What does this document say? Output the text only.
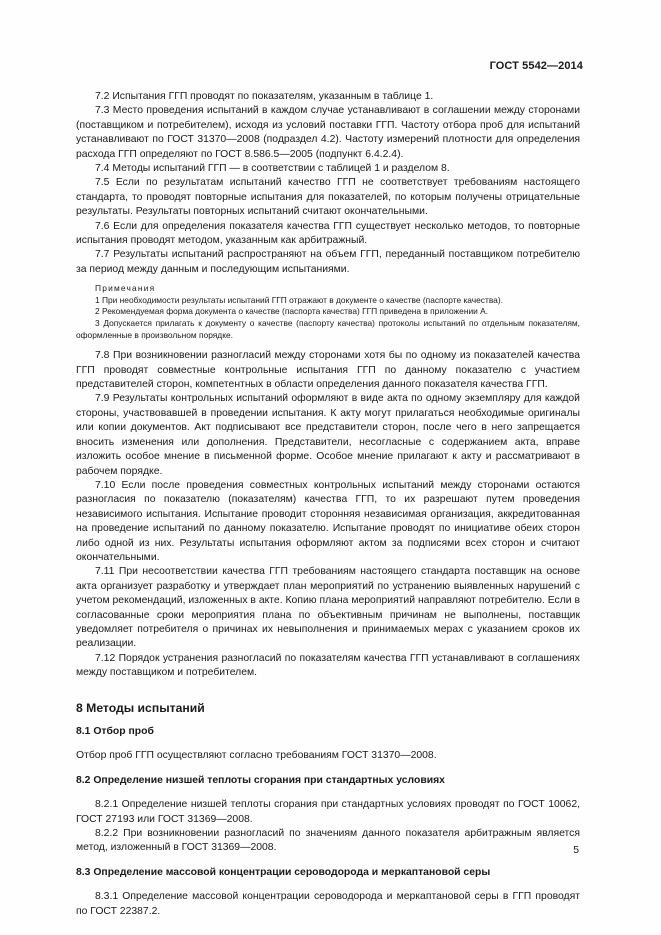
ГОСТ 5542—2014

7.2 Испытания ГГП проводят по показателям, указанным в таблице 1.

7.3 Место проведения испытаний в каждом случае устанавливают в соглашении между сторонами (поставщиком и потребителем), исходя из условий поставки ГГП. Частоту отбора проб для испытаний устанавливают по ГОСТ 31370—2008 (подраздел 4.2). Частоту измерений плотности для определения расхода ГГП определяют по ГОСТ 8.586.5—2005 (подпункт 6.4.2.4).

7.4 Методы испытаний ГГП — в соответствии с таблицей 1 и разделом 8.

7.5 Если по результатам испытаний качество ГГП не соответствует требованиям настоящего стандарта, то проводят повторные испытания для показателей, по которым получены отрицательные результаты. Результаты повторных испытаний считают окончательными.

7.6 Если для определения показателя качества ГГП существует несколько методов, то повторные испытания проводят методом, указанным как арбитражный.

7.7 Результаты испытаний распространяют на объем ГГП, переданный поставщиком потребителю за период между данным и последующим испытаниями.

Примечания

1 При необходимости результаты испытаний ГГП отражают в документе о качестве (паспорте качества).

2 Рекомендуемая форма документа о качестве (паспорта качества) ГГП приведена в приложении А.

3 Допускается прилагать к документу о качестве (паспорту качества) протоколы испытаний по отдельным показателям, оформленные в произвольном порядке.

7.8 При возникновении разногласий между сторонами хотя бы по одному из показателей качества ГГП проводят совместные контрольные испытания ГГП по данному показателю с участием представителей сторон, компетентных в области определения данного показателя качества ГГП.

7.9 Результаты контрольных испытаний оформляют в виде акта по одному экземпляру для каждой стороны, участвовавшей в проведении испытания. К акту могут прилагаться необходимые оригиналы или копии документов. Акт подписывают все представители сторон, после чего в него запрещается вносить изменения или дополнения. Представители, несогласные с содержанием акта, вправе изложить особое мнение в письменной форме. Особое мнение прилагают к акту и рассматривают в рабочем порядке.

7.10 Если после проведения совместных контрольных испытаний между сторонами остаются разногласия по показателю (показателям) качества ГГП, то их разрешают путем проведения независимого испытания. Испытание проводит сторонняя независимая организация, аккредитованная на проведение испытаний по данному показателю. Испытание проводят по инициативе обеих сторон либо одной из них. Результаты испытания оформляют актом за подписями всех сторон и считают окончательными.

7.11 При несоответствии качества ГГП требованиям настоящего стандарта поставщик на основе акта организует разработку и утверждает план мероприятий по устранению выявленных нарушений с учетом рекомендаций, изложенных в акте. Копию плана мероприятий направляют потребителю. Если в согласованные сроки мероприятия плана по объективным причинам не выполнены, поставщик уведомляет потребителя о причинах их невыполнения и принимаемых мерах с указанием сроков их реализации.

7.12 Порядок устранения разногласий по показателям качества ГГП устанавливают в соглашениях между поставщиком и потребителем.

8 Методы испытаний

8.1 Отбор проб

Отбор проб ГГП осуществляют согласно требованиям ГОСТ 31370—2008.

8.2 Определение низшей теплоты сгорания при стандартных условиях

8.2.1 Определение низшей теплоты сгорания при стандартных условиях проводят по ГОСТ 10062, ГОСТ 27193 или ГОСТ 31369—2008.

8.2.2 При возникновении разногласий по значениям данного показателя арбитражным является метод, изложенный в ГОСТ 31369—2008.

8.3 Определение массовой концентрации сероводорода и меркаптановой серы

8.3.1 Определение массовой концентрации сероводорода и меркаптановой серы в ГГП проводят по ГОСТ 22387.2.

5
